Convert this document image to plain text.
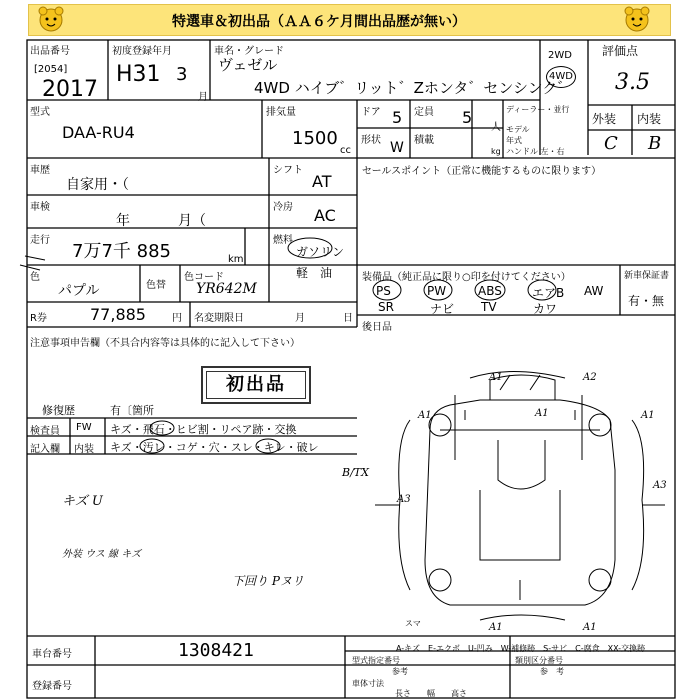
特選車＆初出品（ＡＡ６ケ月間出品歴が無い）
出品番号
[2054]
2017
初度登録年月
H31 3
月
車名・グレード
ヴェゼル
4WD ハイブ゛リット゛Zホンタ゛センシンク゛
2WD
4WD
評価点
3.5
外装 内装
C B
型式
DAA-RU4
排気量
1500
cc
ドア 5 定員 5
人
形状 W 積載
kg
ディーラー・並行
モデル 年式
ハンドル 左・右
車歴
自家用・（
シフト
AT
車検
年	月（
冷房 AC
走行
7万7千 885	km
燃料
ガソリン
軽　油
色
パプル	色替
色コード
YR642M
R券	77,885	円 名変期限日	月	日
セールスポイント（正常に機能するものに限ります）
装備品（純正品に限り○印を付けてください）	新車保証書
有・無
PS	PW	ABS	エアB AW
SR	ナビ TV	カワ
後日品
注意事項申告欄（不具合内容等は具体的に記入して下さい）
初出品
修復歴	有〔箇所
検査員
記入欄
FW キズ・飛石・ヒビ割・リペア跡・交換
内装 キズ・汚レ・コゲ・穴・スレ・キレ・破レ
キズ U
外装 ウス 線 キズ
下回り Pヌリ
B/TX
A1	A2
A1	A1	A1
A3
A3
A1	A1
スマ
A-キズ　E-エクボ　U-凹み　W-補修跡　S-サビ　C-腐食　XX-交換跡
車台番号	1308421
登録番号
型式指定番号
参考
類別区分番号
参　考
車体寸法
長さ　　幅　　高さ
